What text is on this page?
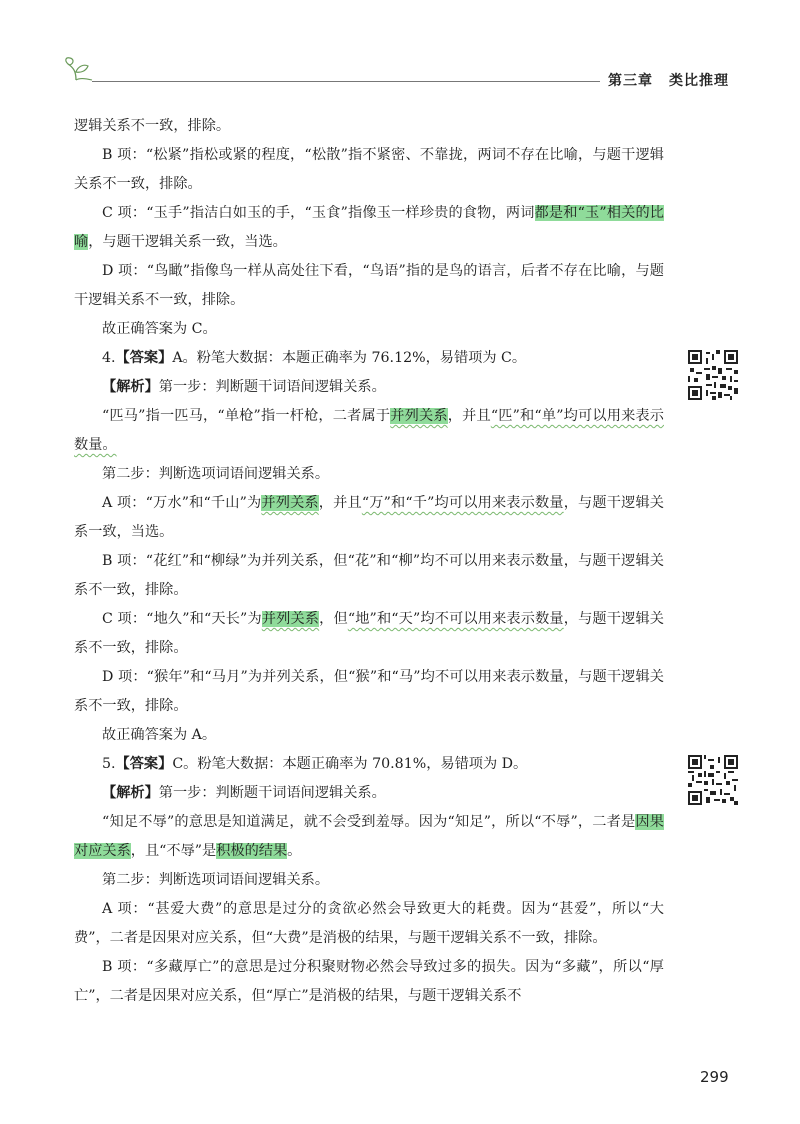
第三章 类比推理

逻辑关系不一致，排除。

B 项：“松紧”指松或紧的程度，“松散”指不紧密、不靠拢，两词不存在比喻，与题干逻辑关系不一致，排除。

C 项：“玉手”指洁白如玉的手，“玉食”指像玉一样珍贵的食物，两词都是和“玉”相关的比喻，与题干逻辑关系一致，当选。

D 项：“鸟瞰”指像鸟一样从高处往下看，“鸟语”指的是鸟的语言，后者不存在比喻，与题干逻辑关系不一致，排除。

故正确答案为 C。

4.【答案】A。粉笔大数据：本题正确率为 76.12%，易错项为 C。

【解析】第一步：判断题干词语间逻辑关系。

“匹马”指一匹马，“单枪”指一杆枪，二者属于并列关系，并且“匹”和“单”均可以用来表示数量。

第二步：判断选项词语间逻辑关系。

A 项：“万水”和“千山”为并列关系，并且“万”和“千”均可以用来表示数量，与题干逻辑关系一致，当选。

B 项：“花红”和“柳绿”为并列关系，但“花”和“柳”均不可以用来表示数量，与题干逻辑关系不一致，排除。

C 项：“地久”和“天长”为并列关系，但“地”和“天”均不可以用来表示数量，与题干逻辑关系不一致，排除。

D 项：“猴年”和“马月”为并列关系，但“猴”和“马”均不可以用来表示数量，与题干逻辑关系不一致，排除。

故正确答案为 A。

5.【答案】C。粉笔大数据：本题正确率为 70.81%，易错项为 D。

【解析】第一步：判断题干词语间逻辑关系。

“知足不辱”的意思是知道满足，就不会受到羞辱。因为“知足”，所以“不辱”，二者是因果对应关系，且“不辱”是积极的结果。

第二步：判断选项词语间逻辑关系。

A 项：“甚爱大费”的意思是过分的贪欲必然会导致更大的耗费。因为“甚爱”，所以“大费”，二者是因果对应关系，但“大费”是消极的结果，与题干逻辑关系不一致，排除。

B 项：“多藏厚亡”的意思是过分积聚财物必然会导致过多的损失。因为“多藏”，所以“厚亡”，二者是因果对应关系，但“厚亡”是消极的结果，与题干逻辑关系不

299
